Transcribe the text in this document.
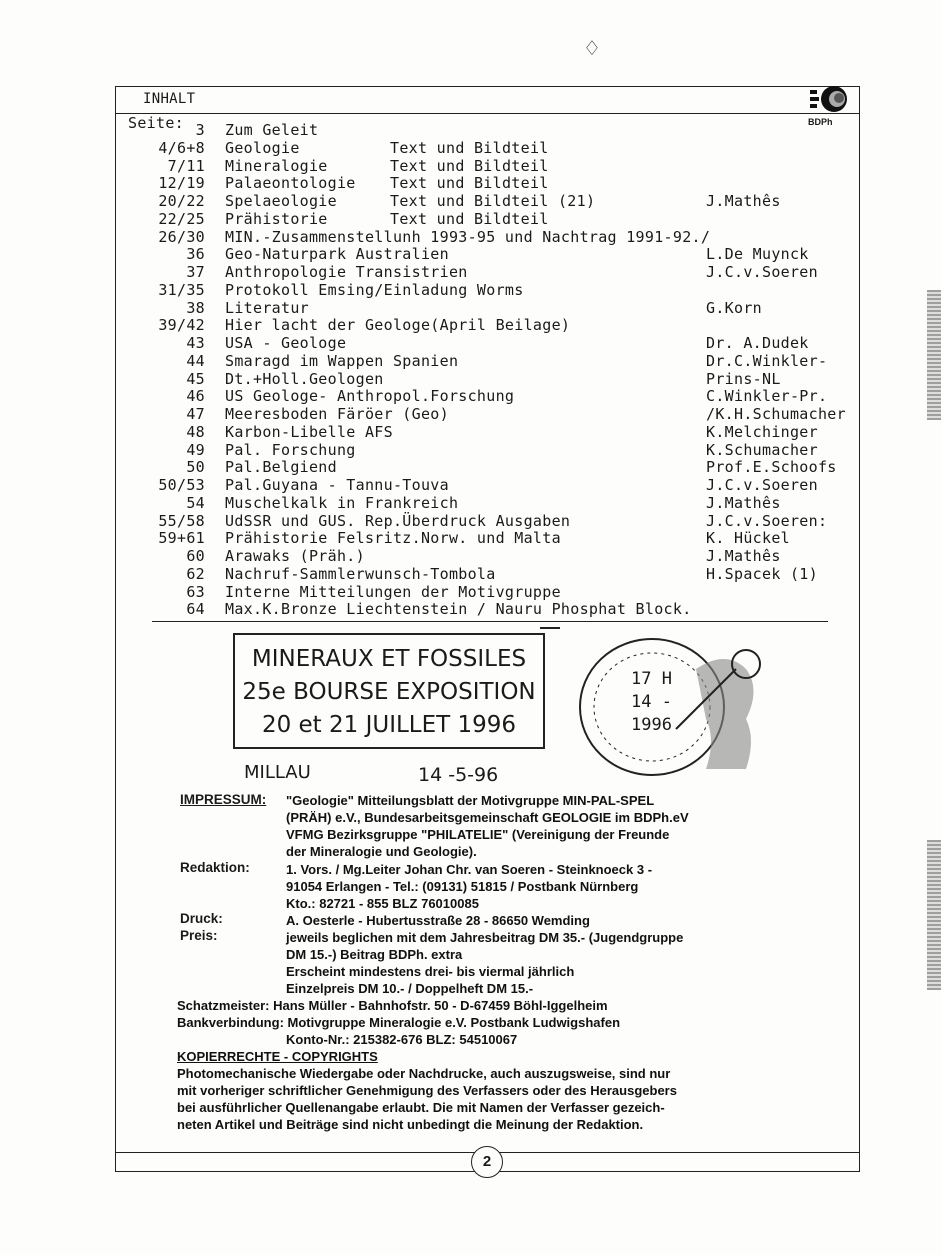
♢
INHALT
BDPh
Seite: 3 Zum Geleit
4/6+8 Geologie	Text und Bildteil
7/11 Mineralogie	Text und Bildteil
12/19 Palaeontologie Text und Bildteil
20/22 Spelaeologie	Text und Bildteil (21)	J.Mathês
22/25 Prähistorie	Text und Bildteil
26/30 MIN.-Zusammenstellunh 1993-95 und Nachtrag 1991-92./
36 Geo-Naturpark Australien	L.De Muynck
37 Anthropologie Transistrien	J.C.v.Soeren
31/35 Protokoll Emsing/Einladung Worms
38 Literatur	G.Korn
39/42 Hier lacht der Geologe(April Beilage)
43 USA - Geologe	Dr. A.Dudek
44 Smaragd im Wappen Spanien	Dr.C.Winkler-
45 Dt.+Holl.Geologen	Prins-NL
46 US Geologe- Anthropol.Forschung	C.Winkler-Pr.
47 Meeresboden Färöer (Geo)	/K.H.Schumacher
48 Karbon-Libelle AFS	K.Melchinger
49 Pal. Forschung	K.Schumacher
50 Pal.Belgiend	Prof.E.Schoofs
50/53 Pal.Guyana - Tannu-Touva	J.C.v.Soeren
54 Muschelkalk in Frankreich	J.Mathês
55/58 UdSSR und GUS. Rep.Überdruck Ausgaben	J.C.v.Soeren:
59+61 Prähistorie Felsritz.Norw. und Malta	K. Hückel
60 Arawaks (Präh.)	J.Mathês
62 Nachruf-Sammlerwunsch-Tombola	H.Spacek (1)
63 Interne Mitteilungen der Motivgruppe
64 Max.K.Bronze Liechtenstein / Nauru Phosphat Block.
MINERAUX ET FOSSILES
25e BOURSE EXPOSITION
20 et 21 JUILLET 1996
MILLAU	14 -5-96
17 H
14 -
1996
IMPRESSUM: "Geologie" Mitteilungsblatt der Motivgruppe MIN-PAL-SPEL
(PRÄH) e.V., Bundesarbeitsgemeinschaft GEOLOGIE im BDPh.eV
VFMG Bezirksgruppe "PHILATELIE" (Vereinigung der Freunde
der Mineralogie und Geologie).
Redaktion:	1. Vors. / Mg.Leiter Johan Chr. van Soeren - Steinknoeck 3 -
91054 Erlangen - Tel.: (09131) 51815 / Postbank Nürnberg
Kto.: 82721 - 855 BLZ 76010085
Druck:	A. Oesterle - Hubertusstraße 28 - 86650 Wemding
Preis:	jeweils beglichen mit dem Jahresbeitrag DM 35.- (Jugendgruppe
DM 15.-) Beitrag BDPh. extra
Erscheint mindestens drei- bis viermal jährlich
Einzelpreis DM 10.- / Doppelheft DM 15.-
Schatzmeister: Hans Müller - Bahnhofstr. 50 - D-67459 Böhl-Iggelheim
Bankverbindung: Motivgruppe Mineralogie e.V. Postbank Ludwigshafen
Konto-Nr.: 215382-676 BLZ: 54510067
KOPIERRECHTE - COPYRIGHTS
Photomechanische Wiedergabe oder Nachdrucke, auch auszugsweise, sind nur
mit vorheriger schriftlicher Genehmigung des Verfassers oder des Herausgebers
bei ausführlicher Quellenangabe erlaubt. Die mit Namen der Verfasser gezeich-
neten Artikel und Beiträge sind nicht unbedingt die Meinung der Redaktion.
2
